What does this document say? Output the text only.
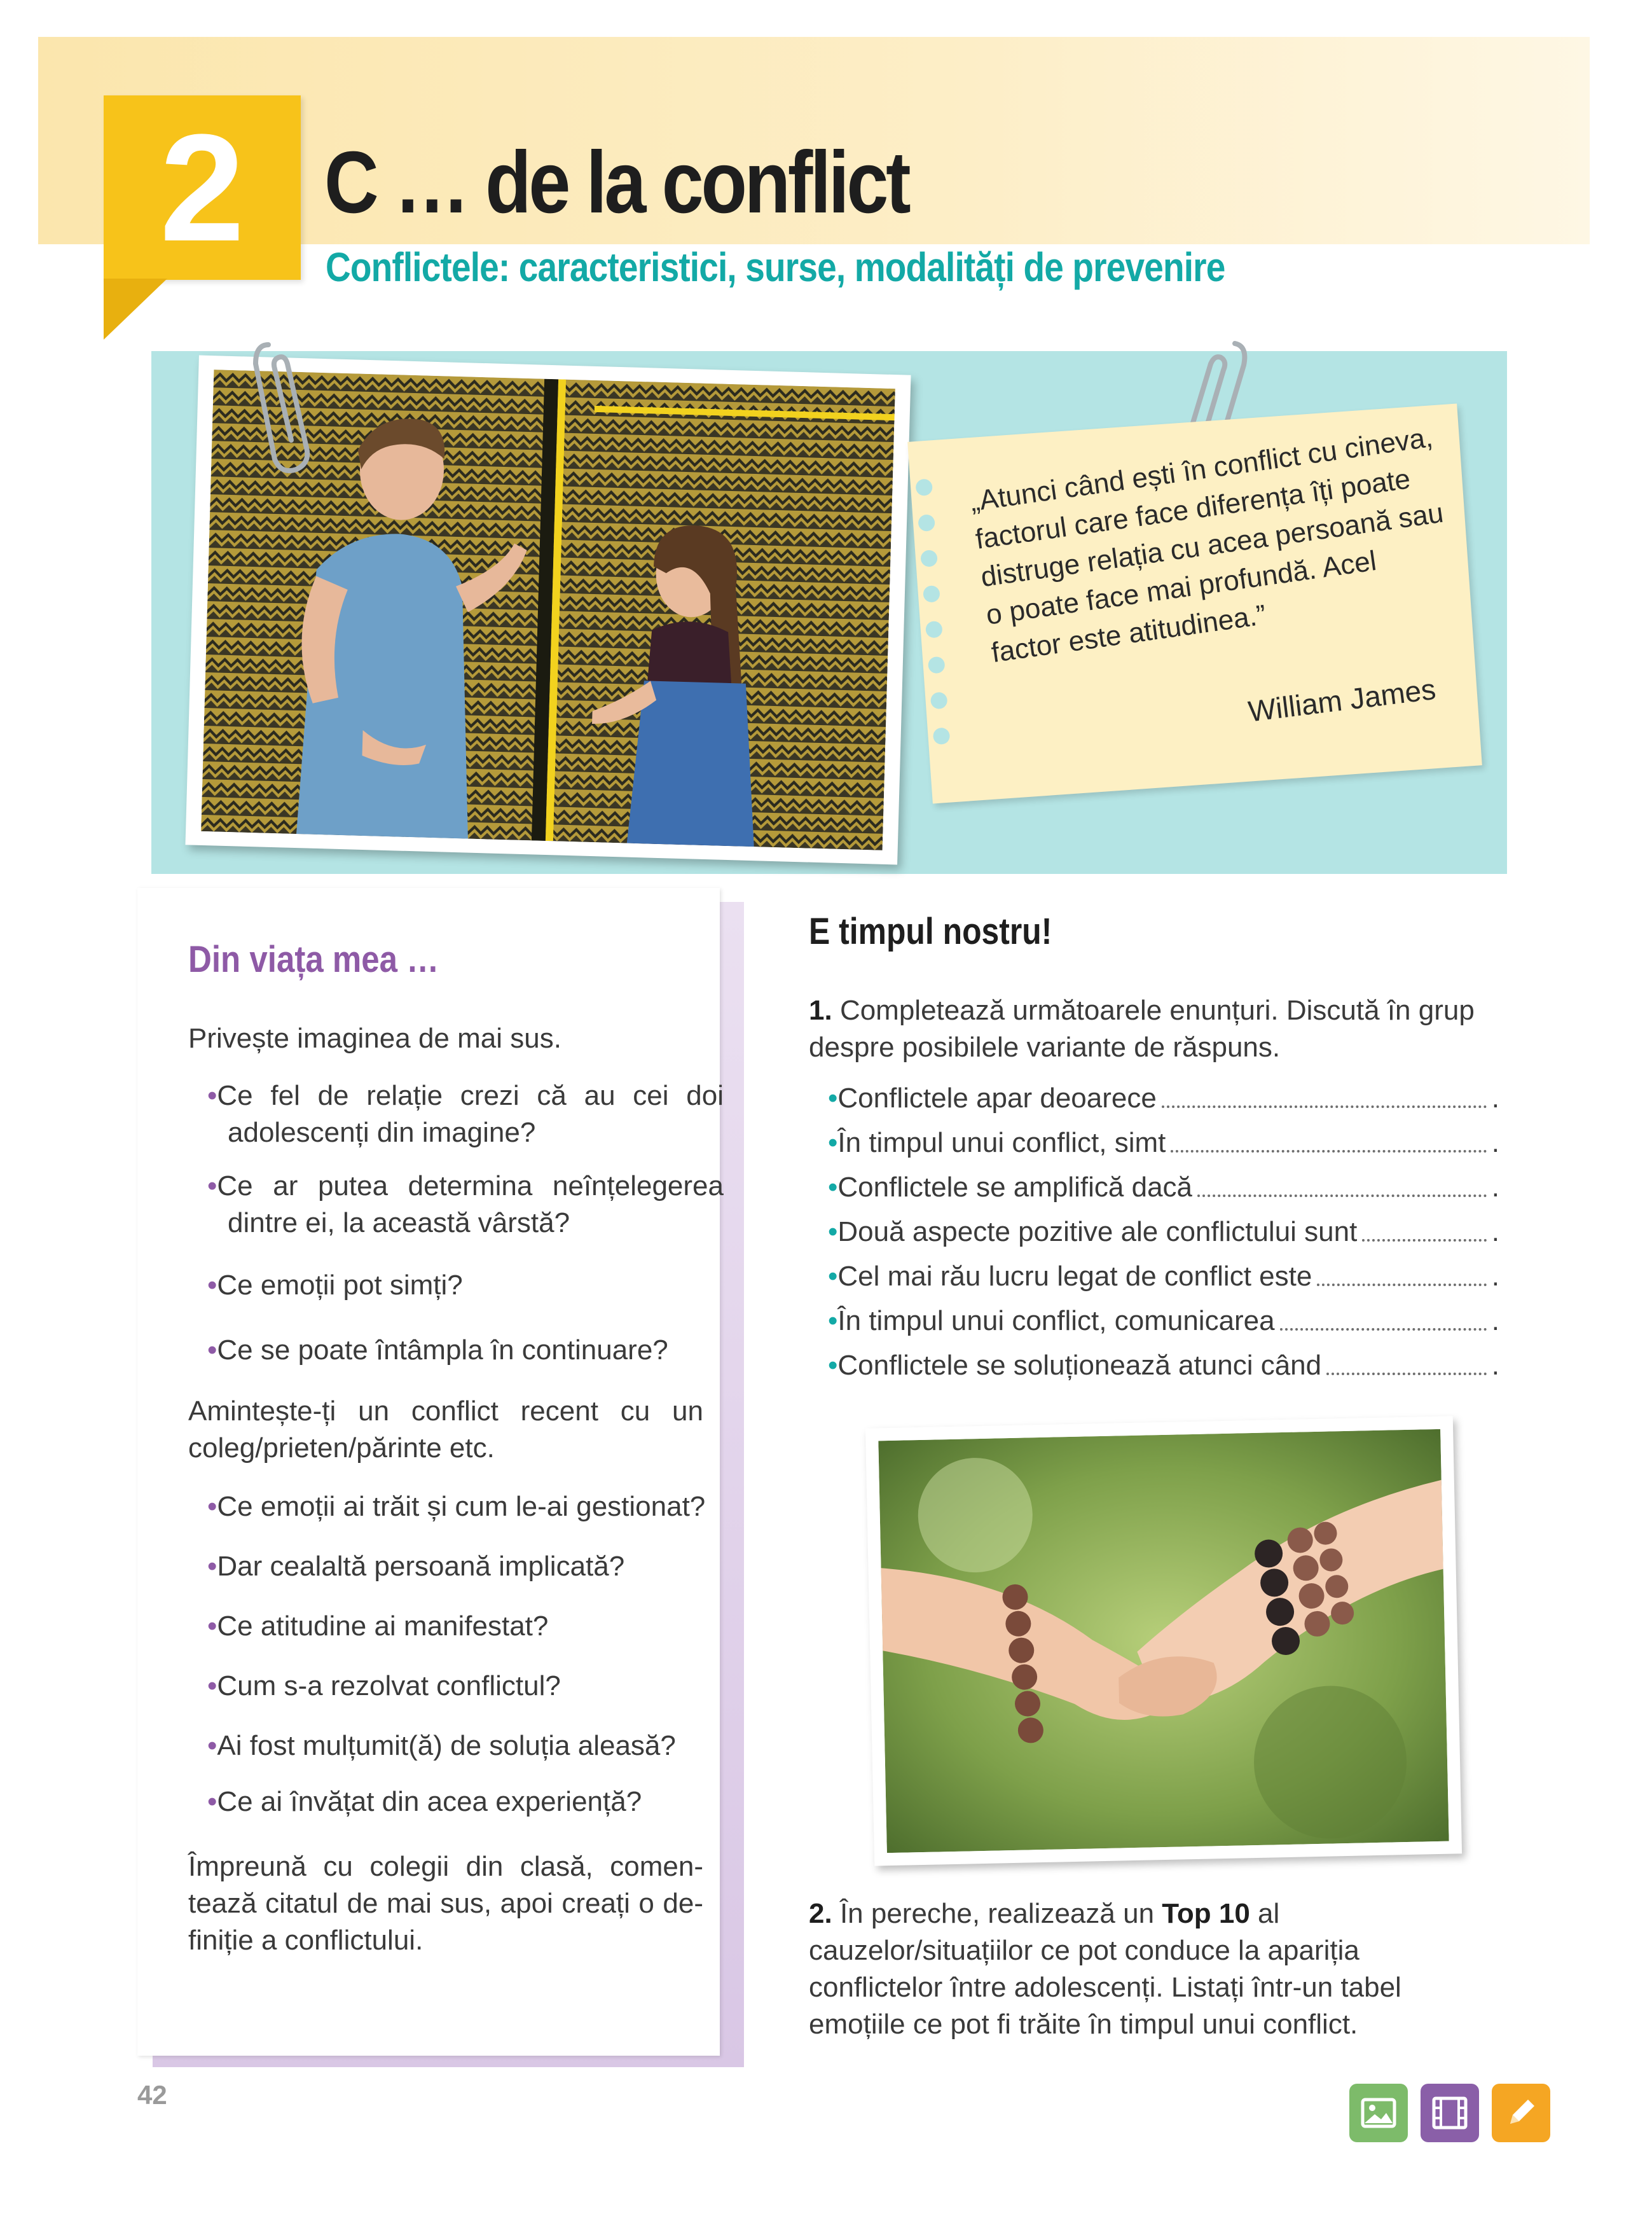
2 C … de la conflict
Conflictele: caracteristici, surse, modalități de prevenire
„Atunci când ești în conflict cu cineva, factorul care face diferența îți poate distruge relația cu acea persoană sau o poate face mai profundă. Acel factor este atitudinea.”
William James
Din viața mea …
Privește imaginea de mai sus.
•Ce fel de relație crezi că au cei doi adolescenți din imagine?
•Ce ar putea determina neînțelegerea dintre ei, la această vârstă?
•Ce emoții pot simți?
•Ce se poate întâmpla în continuare?
Amintește-ți un conflict recent cu un coleg/prieten/părinte etc.
•Ce emoții ai trăit și cum le-ai gestionat?
•Dar cealaltă persoană implicată?
•Ce atitudine ai manifestat?
•Cum s-a rezolvat conflictul?
•Ai fost mulțumit(ă) de soluția aleasă?
•Ce ai învățat din acea experiență?
Împreună cu colegii din clasă, comentează citatul de mai sus, apoi creați o definiție a conflictului.
E timpul nostru!
1. Completează următoarele enunțuri. Discută în grup despre posibilele variante de răspuns.
• Conflictele apar deoarece	.
• În timpul unui conflict, simt	.
• Conflictele se amplifică dacă	.
• Două aspecte pozitive ale conflictului sunt	.
• Cel mai rău lucru legat de conflict este	.
• În timpul unui conflict, comunicarea	.
• Conflictele se soluționează atunci când	.
2. În pereche, realizează un Top 10 al cauzelor/situațiilor ce pot conduce la apariția conflictelor între adolescenți. Listați într-un tabel emoțiile ce pot fi trăite în timpul unui conflict.
42
